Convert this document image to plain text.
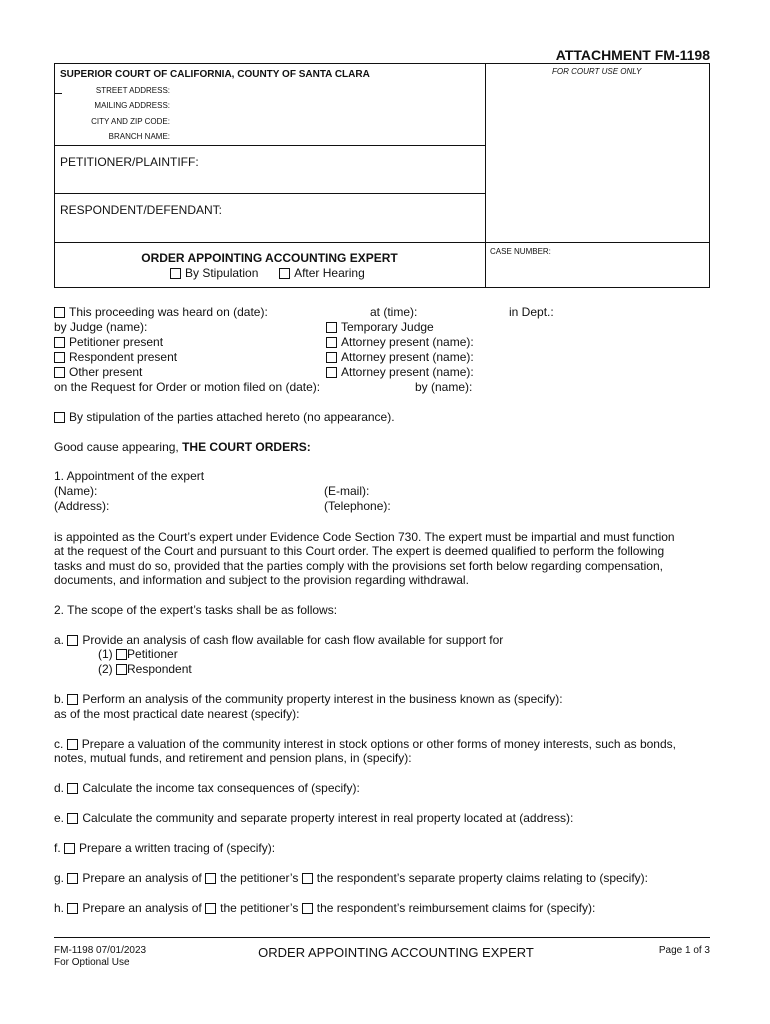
ATTACHMENT FM-1198
FOR COURT USE ONLY
SUPERIOR COURT OF CALIFORNIA, COUNTY OF SANTA CLARA
STREET ADDRESS:
MAILING ADDRESS:
CITY AND ZIP CODE:
BRANCH NAME:
PETITIONER/PLAINTIFF:
RESPONDENT/DEFENDANT:
ORDER APPOINTING ACCOUNTING EXPERT
By Stipulation	After Hearing
CASE NUMBER:
This proceeding was heard on (date):	at (time):	in Dept.:
by Judge (name):	Temporary Judge
Petitioner present	Attorney present (name):
Respondent present	Attorney present (name):
Other present	Attorney present (name):
on the Request for Order or motion filed on (date):	by (name):
By stipulation of the parties attached hereto (no appearance).
Good cause appearing, THE COURT ORDERS:
1. Appointment of the expert
(Name):	(E-mail):
(Address):	(Telephone):
is appointed as the Court’s expert under Evidence Code Section 730. The expert must be impartial and must function
at the request of the Court and pursuant to this Court order. The expert is deemed qualified to perform the following
tasks and must do so, provided that the parties comply with the provisions set forth below regarding compensation,
documents, and information and subject to the provision regarding withdrawal.
2. The scope of the expert’s tasks shall be as follows:
a. Provide an analysis of cash flow available for cash flow available for support for
(1) Petitioner
(2) Respondent
b. Perform an analysis of the community property interest in the business known as (specify):
as of the most practical date nearest (specify):
c. Prepare a valuation of the community interest in stock options or other forms of money interests, such as bonds,
notes, mutual funds, and retirement and pension plans, in (specify):
d. Calculate the income tax consequences of (specify):
e. Calculate the community and separate property interest in real property located at (address):
f. Prepare a written tracing of (specify):
g. Prepare an analysis of the petitioner’s the respondent’s separate property claims relating to (specify):
h. Prepare an analysis of the petitioner’s the respondent’s reimbursement claims for (specify):
FM-1198 07/01/2023
For Optional Use
ORDER APPOINTING ACCOUNTING EXPERT	Page 1 of 3
